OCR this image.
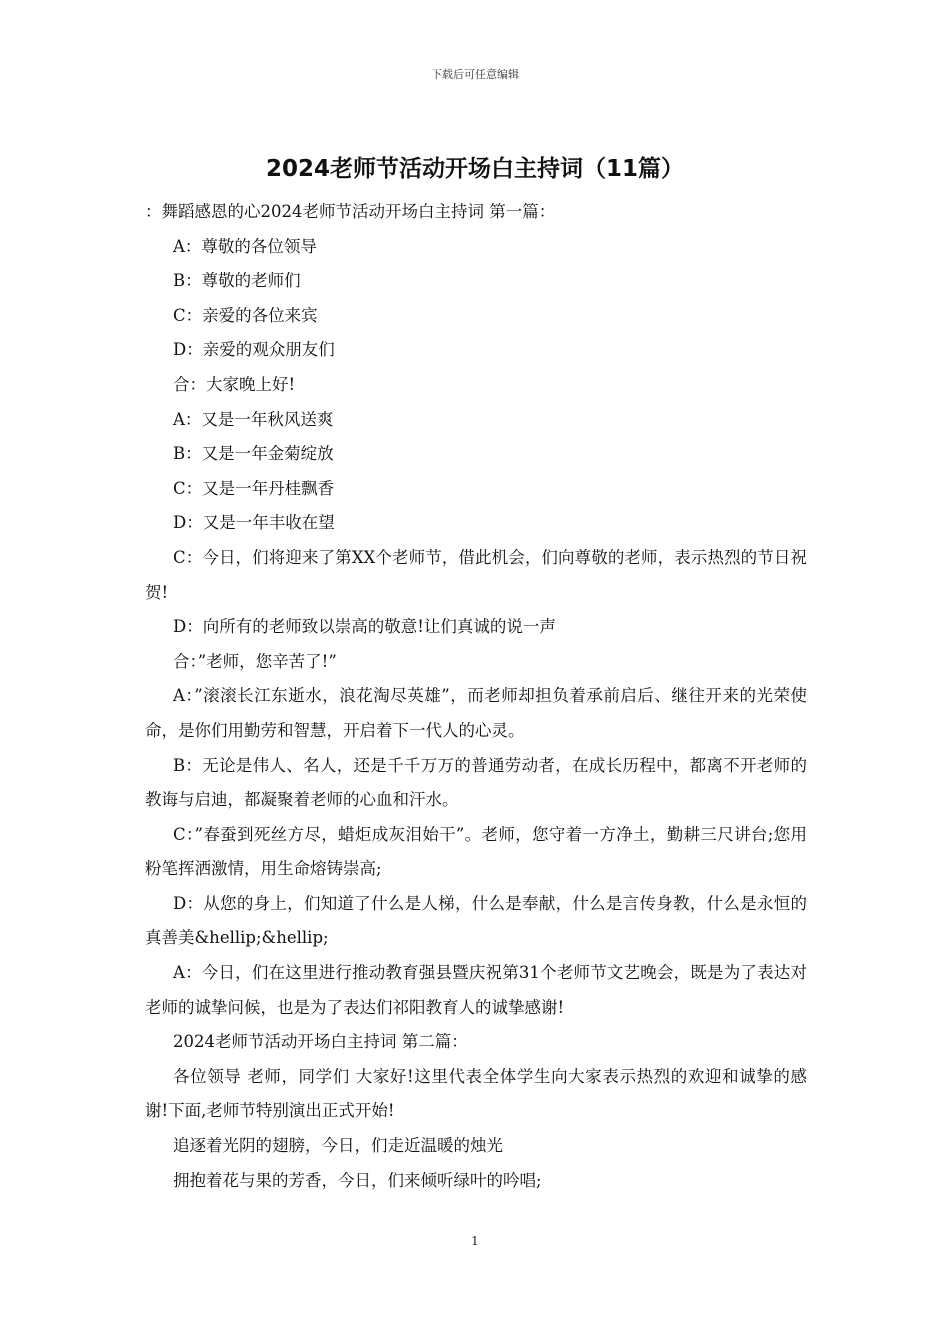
下载后可任意编辑
2024老师节活动开场白主持词（11篇）

：舞蹈感恩的心2024老师节活动开场白主持词 第一篇：

A：尊敬的各位领导

B：尊敬的老师们

C：亲爱的各位来宾

D：亲爱的观众朋友们

合：大家晚上好!

A：又是一年秋风送爽

B：又是一年金菊绽放

C：又是一年丹桂飘香

D：又是一年丰收在望

C：今日，们将迎来了第XX个老师节，借此机会，们向尊敬的老师，表示热烈的节日祝贺!

D：向所有的老师致以崇高的敬意!让们真诚的说一声

合：”老师，您辛苦了!”

A：”滚滚长江东逝水，浪花淘尽英雄”，而老师却担负着承前启后、继往开来的光荣使命，是你们用勤劳和智慧，开启着下一代人的心灵。

B：无论是伟人、名人，还是千千万万的普通劳动者，在成长历程中，都离不开老师的教诲与启迪，都凝聚着老师的心血和汗水。

C：”春蚕到死丝方尽，蜡炬成灰泪始干”。老师，您守着一方净土，勤耕三尺讲台;您用粉笔挥洒激情，用生命熔铸崇高;

D：从您的身上，们知道了什么是人梯，什么是奉献，什么是言传身教，什么是永恒的真善美&hellip;&hellip;

A：今日，们在这里进行推动教育强县暨庆祝第31个老师节文艺晚会，既是为了表达对老师的诚挚问候，也是为了表达们祁阳教育人的诚挚感谢!

2024老师节活动开场白主持词 第二篇：

各位领导 老师，同学们 大家好!这里代表全体学生向大家表示热烈的欢迎和诚挚的感谢!下面,老师节特别演出正式开始!

追逐着光阴的翅膀，今日，们走近温暖的烛光

拥抱着花与果的芳香，今日，们来倾听绿叶的吟唱;

1
